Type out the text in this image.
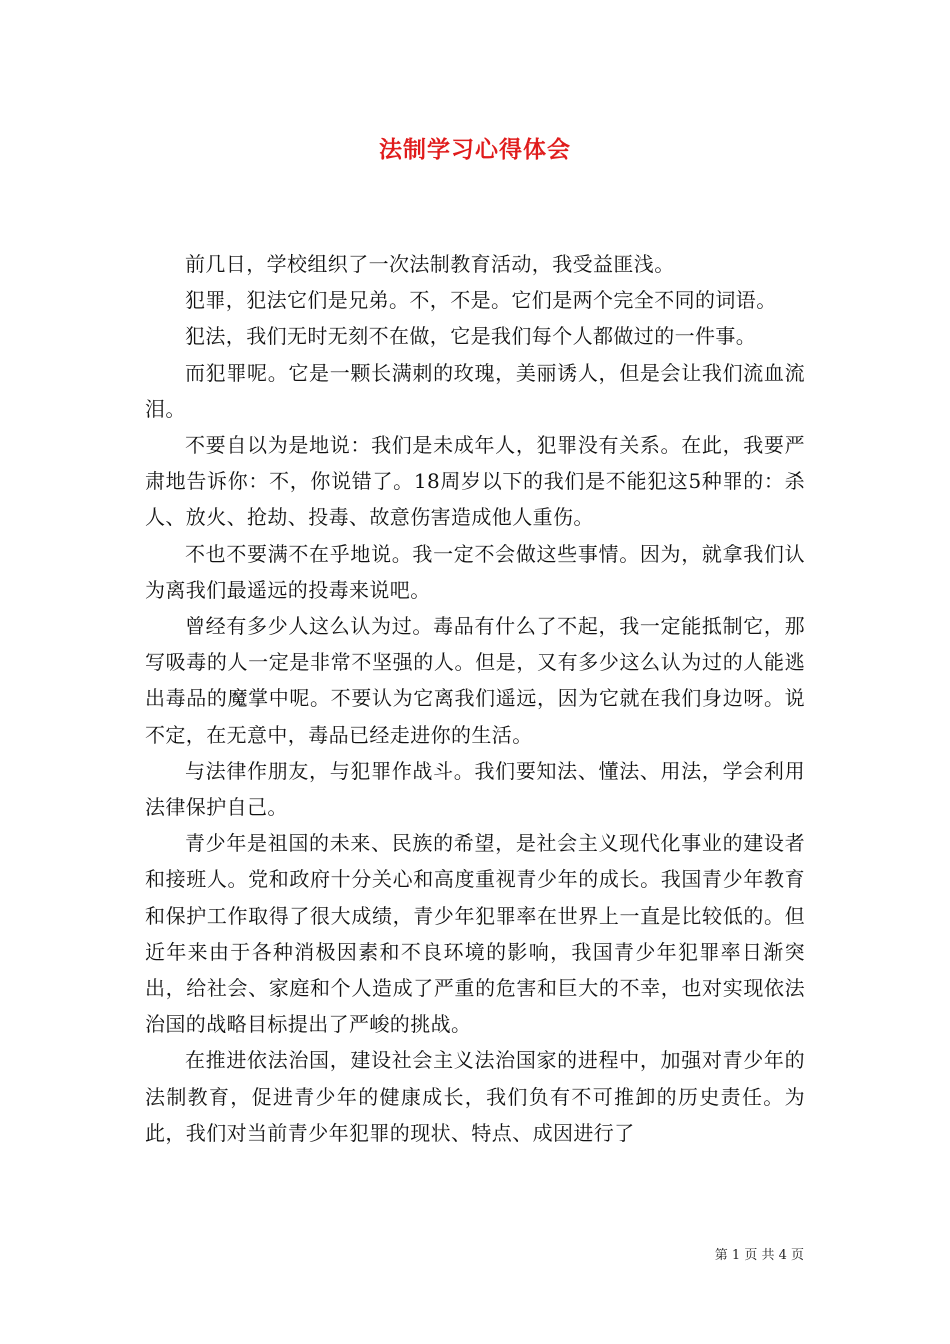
法制学习心得体会

前几日，学校组织了一次法制教育活动，我受益匪浅。

犯罪，犯法它们是兄弟。不，不是。它们是两个完全不同的词语。

犯法，我们无时无刻不在做，它是我们每个人都做过的一件事。

而犯罪呢。它是一颗长满刺的玫瑰，美丽诱人，但是会让我们流血流泪。

不要自以为是地说：我们是未成年人，犯罪没有关系。在此，我要严肃地告诉你：不，你说错了。18周岁以下的我们是不能犯这5种罪的：杀人、放火、抢劫、投毒、故意伤害造成他人重伤。

不也不要满不在乎地说。我一定不会做这些事情。因为，就拿我们认为离我们最遥远的投毒来说吧。

曾经有多少人这么认为过。毒品有什么了不起，我一定能抵制它，那写吸毒的人一定是非常不坚强的人。但是，又有多少这么认为过的人能逃出毒品的魔掌中呢。不要认为它离我们遥远，因为它就在我们身边呀。说不定，在无意中，毒品已经走进你的生活。

与法律作朋友，与犯罪作战斗。我们要知法、懂法、用法，学会利用法律保护自己。

青少年是祖国的未来、民族的希望，是社会主义现代化事业的建设者和接班人。党和政府十分关心和高度重视青少年的成长。我国青少年教育和保护工作取得了很大成绩，青少年犯罪率在世界上一直是比较低的。但近年来由于各种消极因素和不良环境的影响，我国青少年犯罪率日渐突出，给社会、家庭和个人造成了严重的危害和巨大的不幸，也对实现依法治国的战略目标提出了严峻的挑战。

在推进依法治国，建设社会主义法治国家的进程中，加强对青少年的法制教育，促进青少年的健康成长，我们负有不可推卸的历史责任。为此，我们对当前青少年犯罪的现状、特点、成因进行了

第 1 页 共 4 页
